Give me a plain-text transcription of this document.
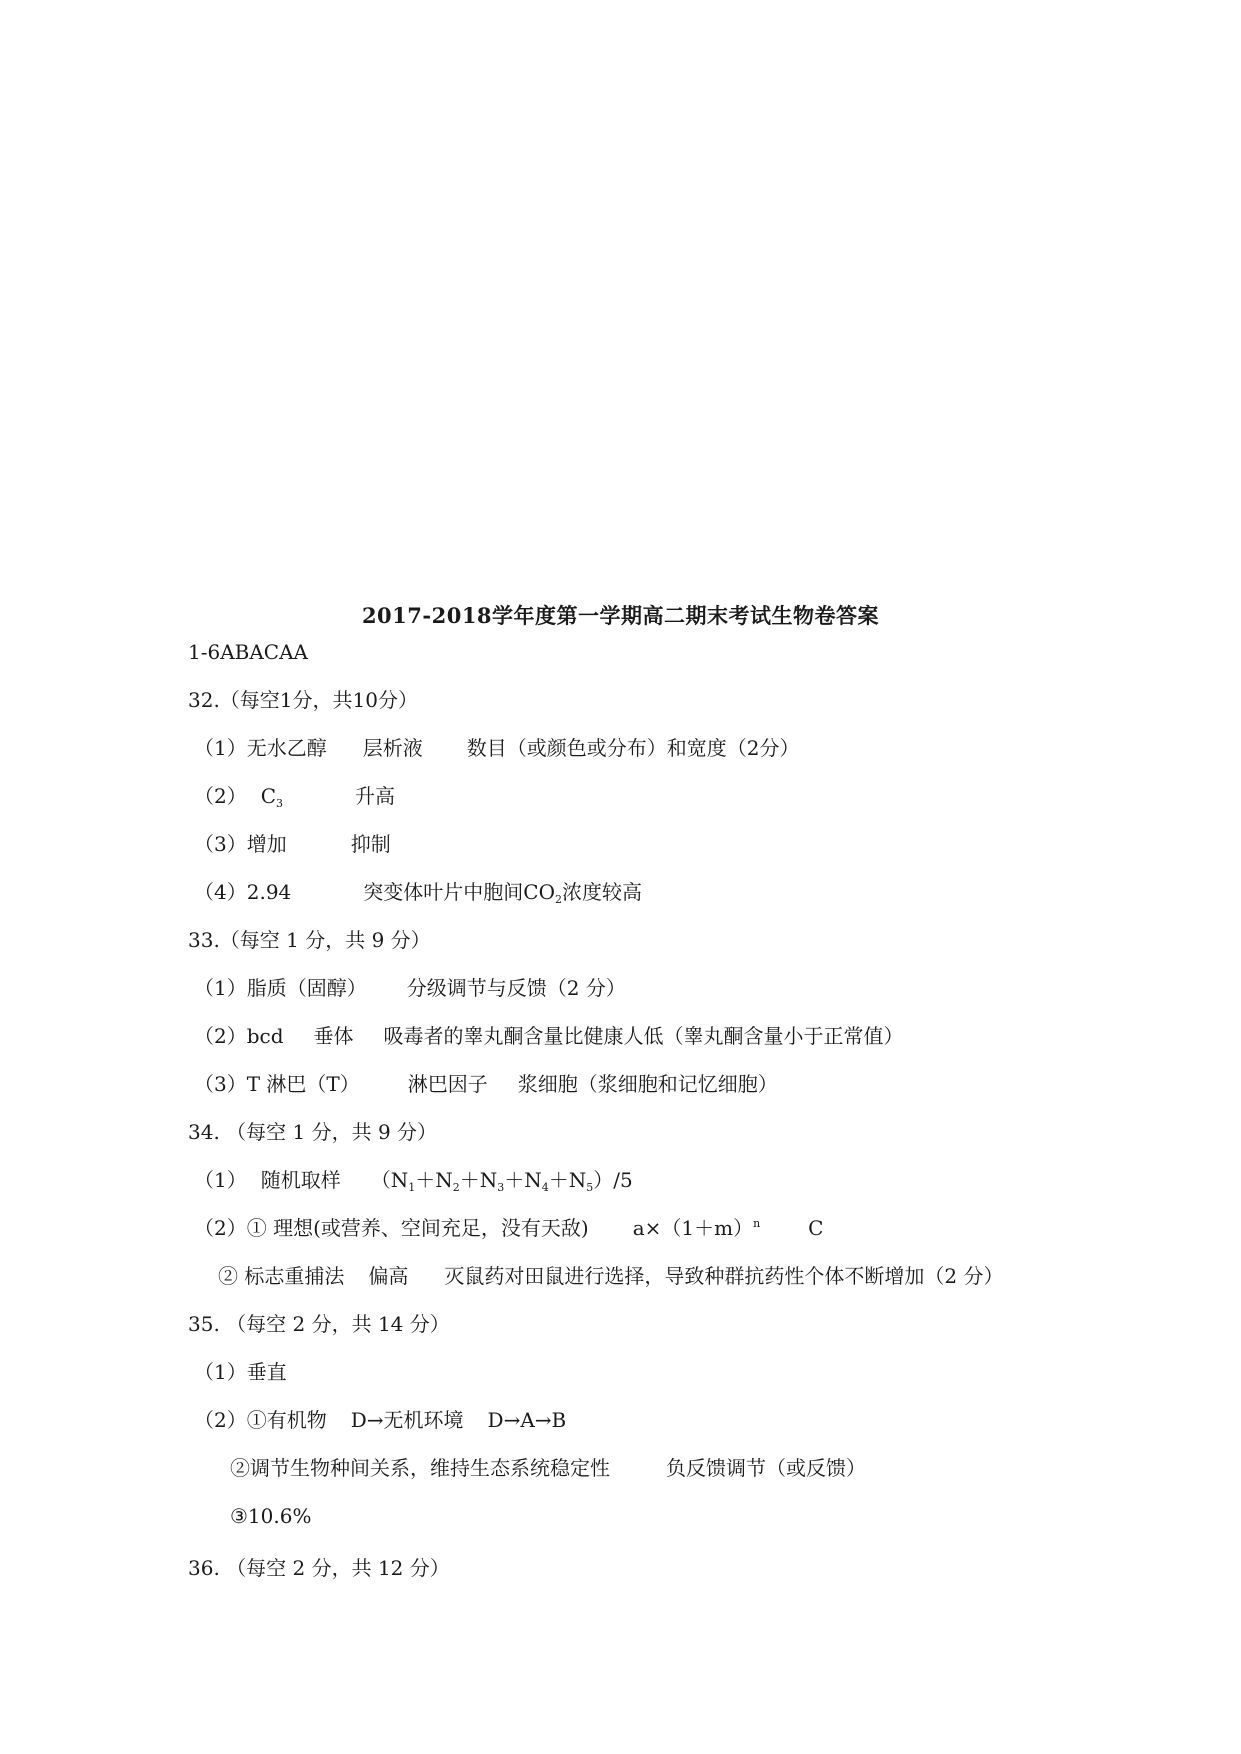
2017-2018学年度第一学期高二期末考试生物卷答案
1-6ABACAA
32.（每空1分，共10分）
（1）无水乙醇 层析液 数目（或颜色或分布）和宽度（2分）
（2） $C_3$	升高
（3）增加	抑制
（4）2.94	突变体叶片中胞间$CO_2$浓度较高
33.（每空 1 分，共 9 分）
（1）脂质（固醇） 分级调节与反馈（2 分）
（2）bcd 垂体 吸毒者的睾丸酮含量比健康人低（睾丸酮含量小于正常值）
（3）T 淋巴（T） 淋巴因子 浆细胞（浆细胞和记忆细胞）
34. （每空 1 分，共 9 分）
（1） 随机取样 $(N_1+N_2+N_3+N_4+N_5)/5$
（2）① 理想(或营养、空间充足，没有天敌) $a\times(1+m)^n$ C
② 标志重捕法 偏高 灭鼠药对田鼠进行选择，导致种群抗药性个体不断增加（2 分）
35. （每空 2 分，共 14 分）
（1）垂直
（2）①有机物 D→无机环境 D→A→B
②调节生物种间关系，维持生态系统稳定性	负反馈调节（或反馈）
③10.6%
36. （每空 2 分，共 12 分）
